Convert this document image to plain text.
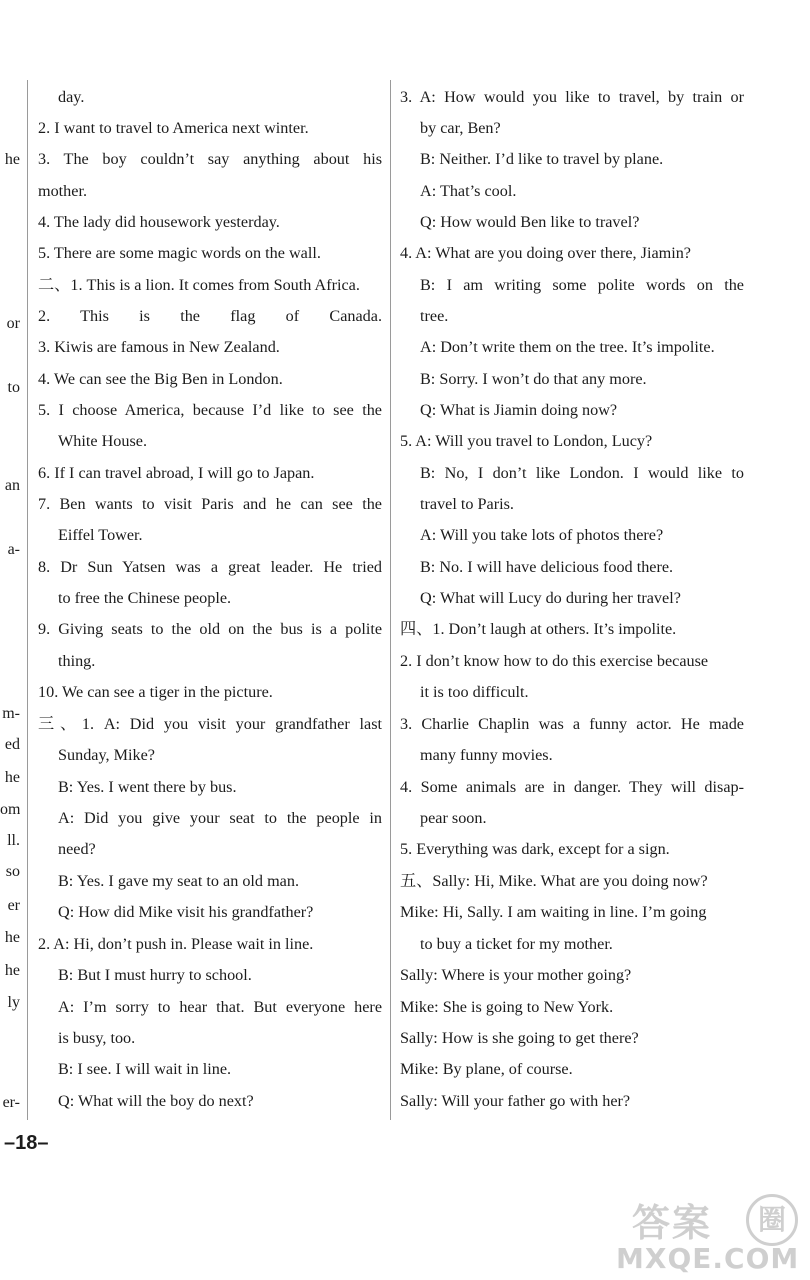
he
or
to
an
a-
m-
ed
he
om
ll.
so
er
he
he
ly
er-
day.
2. I want to travel to America next winter.
3. The boy couldn’t say anything about his
mother.
4. The lady did housework yesterday.
5. There are some magic words on the wall.
二、1. This is a lion. It comes from South Africa.
2. This is the flag of Canada.
3. Kiwis are famous in New Zealand.
4. We can see the Big Ben in London.
5. I choose America, because I’d like to see the
White House.
6. If I can travel abroad, I will go to Japan.
7. Ben wants to visit Paris and he can see the
Eiffel Tower.
8. Dr Sun Yatsen was a great leader. He tried
to free the Chinese people.
9. Giving seats to the old on the bus is a polite
thing.
10. We can see a tiger in the picture.
三、1. A: Did you visit your grandfather last
Sunday, Mike?
B: Yes. I went there by bus.
A: Did you give your seat to the people in
need?
B: Yes. I gave my seat to an old man.
Q: How did Mike visit his grandfather?
2. A: Hi, don’t push in. Please wait in line.
B: But I must hurry to school.
A: I’m sorry to hear that. But everyone here
is busy, too.
B: I see. I will wait in line.
Q: What will the boy do next?
3. A: How would you like to travel, by train or
by car, Ben?
B: Neither. I’d like to travel by plane.
A: That’s cool.
Q: How would Ben like to travel?
4. A: What are you doing over there, Jiamin?
B: I am writing some polite words on the
tree.
A: Don’t write them on the tree. It’s impolite.
B: Sorry. I won’t do that any more.
Q: What is Jiamin doing now?
5. A: Will you travel to London, Lucy?
B: No, I don’t like London. I would like to
travel to Paris.
A: Will you take lots of photos there?
B: No. I will have delicious food there.
Q: What will Lucy do during her travel?
四、1. Don’t laugh at others. It’s impolite.
2. I don’t know how to do this exercise because
it is too difficult.
3. Charlie Chaplin was a funny actor. He made
many funny movies.
4. Some animals are in danger. They will disap-
pear soon.
5. Everything was dark, except for a sign.
五、Sally: Hi, Mike. What are you doing now?
Mike: Hi, Sally. I am waiting in line. I’m going
to buy a ticket for my mother.
Sally: Where is your mother going?
Mike: She is going to New York.
Sally: How is she going to get there?
Mike: By plane, of course.
Sally: Will your father go with her?
–18–
答案	圈
MXQE.COM
